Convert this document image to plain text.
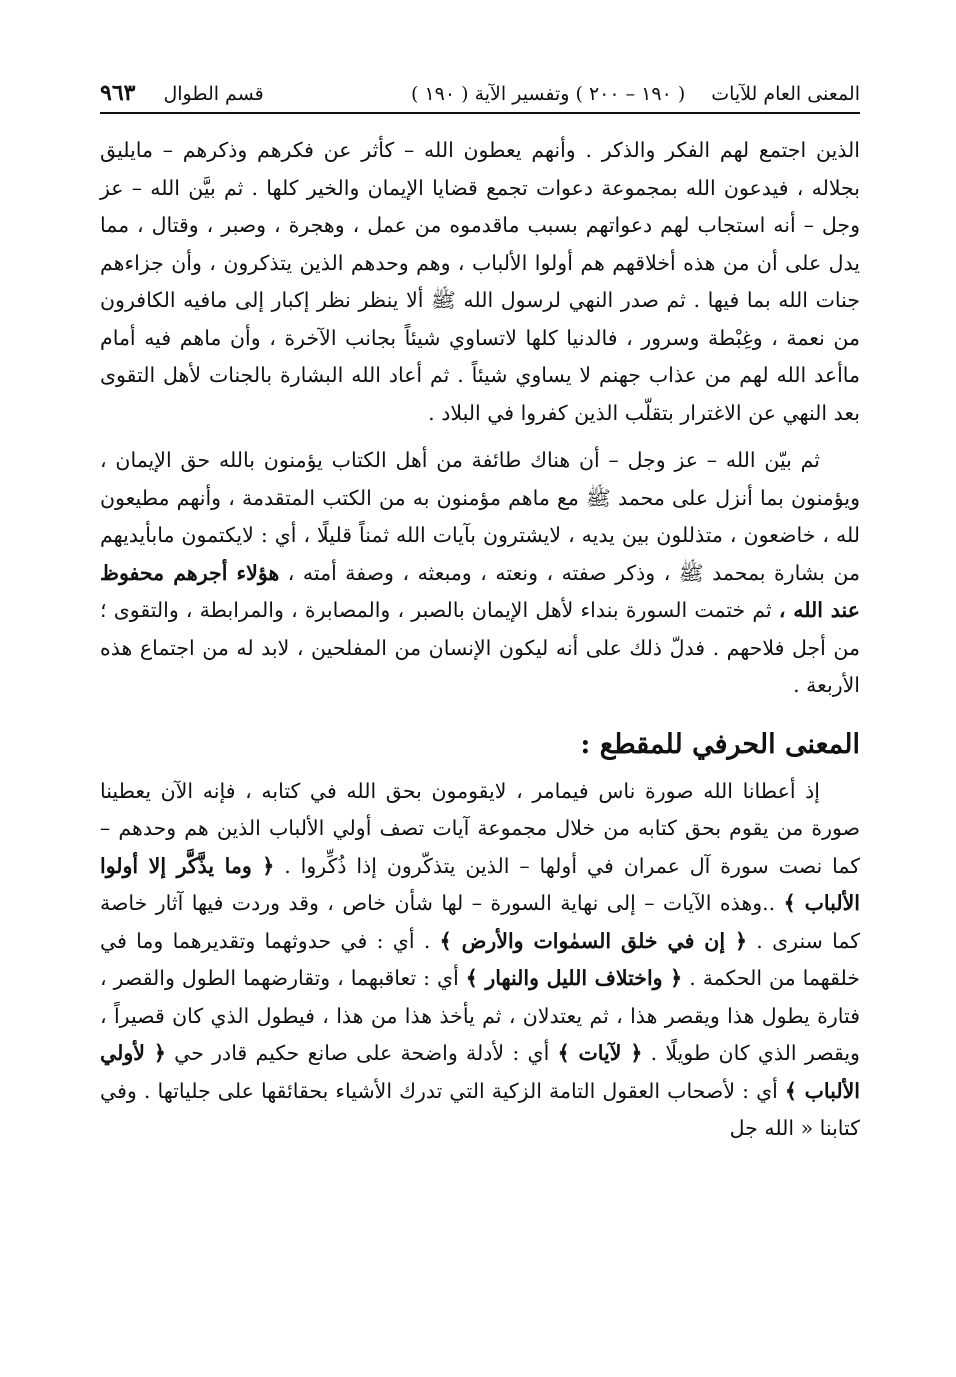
المعنى العام للآيات
( ١٩٠ – ٢٠٠ ) وتفسير الآية ( ١٩٠ )
قسم الطوال
٩٦٣

الذين اجتمع لهم الفكر والذكر . وأنهم يعطون الله – كأثر عن فكرهم وذكرهم – مايليق بجلاله ، فيدعون الله بمجموعة دعوات تجمع قضايا الإيمان والخير كلها . ثم بيَّن الله – عز وجل – أنه استجاب لهم دعواتهم بسبب ماقدموه من عمل ، وهجرة ، وصبر ، وقتال ، مما يدل على أن من هذه أخلاقهم هم أولوا الألباب ، وهم وحدهم الذين يتذكرون ، وأن جزاءهم جنات الله بما فيها . ثم صدر النهي لرسول الله ﷺ ألا ينظر نظر إكبار إلى مافيه الكافرون من نعمة ، وغِبْطة وسرور ، فالدنيا كلها لاتساوي شيئاً بجانب الآخرة ، وأن ماهم فيه أمام ماأعد الله لهم من عذاب جهنم لا يساوي شيئاً . ثم أعاد الله البشارة بالجنات لأهل التقوى بعد النهي عن الاغترار بتقلّب الذين كفروا في البلاد .

ثم بيّن الله – عز وجل – أن هناك طائفة من أهل الكتاب يؤمنون بالله حق الإيمان ، ويؤمنون بما أنزل على محمد ﷺ مع ماهم مؤمنون به من الكتب المتقدمة ، وأنهم مطيعون لله ، خاضعون ، متذللون بين يديه ، لايشترون بآيات الله ثمناً قليلًا ، أي : لايكتمون مابأيديهم من بشارة بمحمد ﷺ ، وذكر صفته ، ونعته ، ومبعثه ، وصفة أمته ، هؤلاء أجرهم محفوظ عند الله ، ثم ختمت السورة بنداء لأهل الإيمان بالصبر ، والمصابرة ، والمرابطة ، والتقوى ؛ من أجل فلاحهم . فدلّ ذلك على أنه ليكون الإنسان من المفلحين ، لابد له من اجتماع هذه الأربعة .

المعنى الحرفي للمقطع :

إذ أعطانا الله صورة ناس فيمامر ، لايقومون بحق الله في كتابه ، فإنه الآن يعطينا صورة من يقوم بحق كتابه من خلال مجموعة آيات تصف أولي الألباب الذين هم وحدهم – كما نصت سورة آل عمران في أولها – الذين يتذكّرون إذا ذُكِّروا . ﴿ وما يذَّكَّر إلا أولوا الألباب ﴾ ..وهذه الآيات – إلى نهاية السورة – لها شأن خاص ، وقد وردت فيها آثار خاصة كما سنرى . ﴿ إن في خلق السمٰوات والأرض ﴾ . أي : في حدوثهما وتقديرهما وما في خلقهما من الحكمة . ﴿ واختلاف الليل والنهار ﴾ أي : تعاقبهما ، وتقارضهما الطول والقصر ، فتارة يطول هذا ويقصر هذا ، ثم يعتدلان ، ثم يأخذ هذا من هذا ، فيطول الذي كان قصيراً ، ويقصر الذي كان طويلًا . ﴿ لآيات ﴾ أي : لأدلة واضحة على صانع حكيم قادر حي ﴿ لأولي الألباب ﴾ أي : لأصحاب العقول التامة الزكية التي تدرك الأشياء بحقائقها على جلياتها . وفي كتابنا « الله جل
